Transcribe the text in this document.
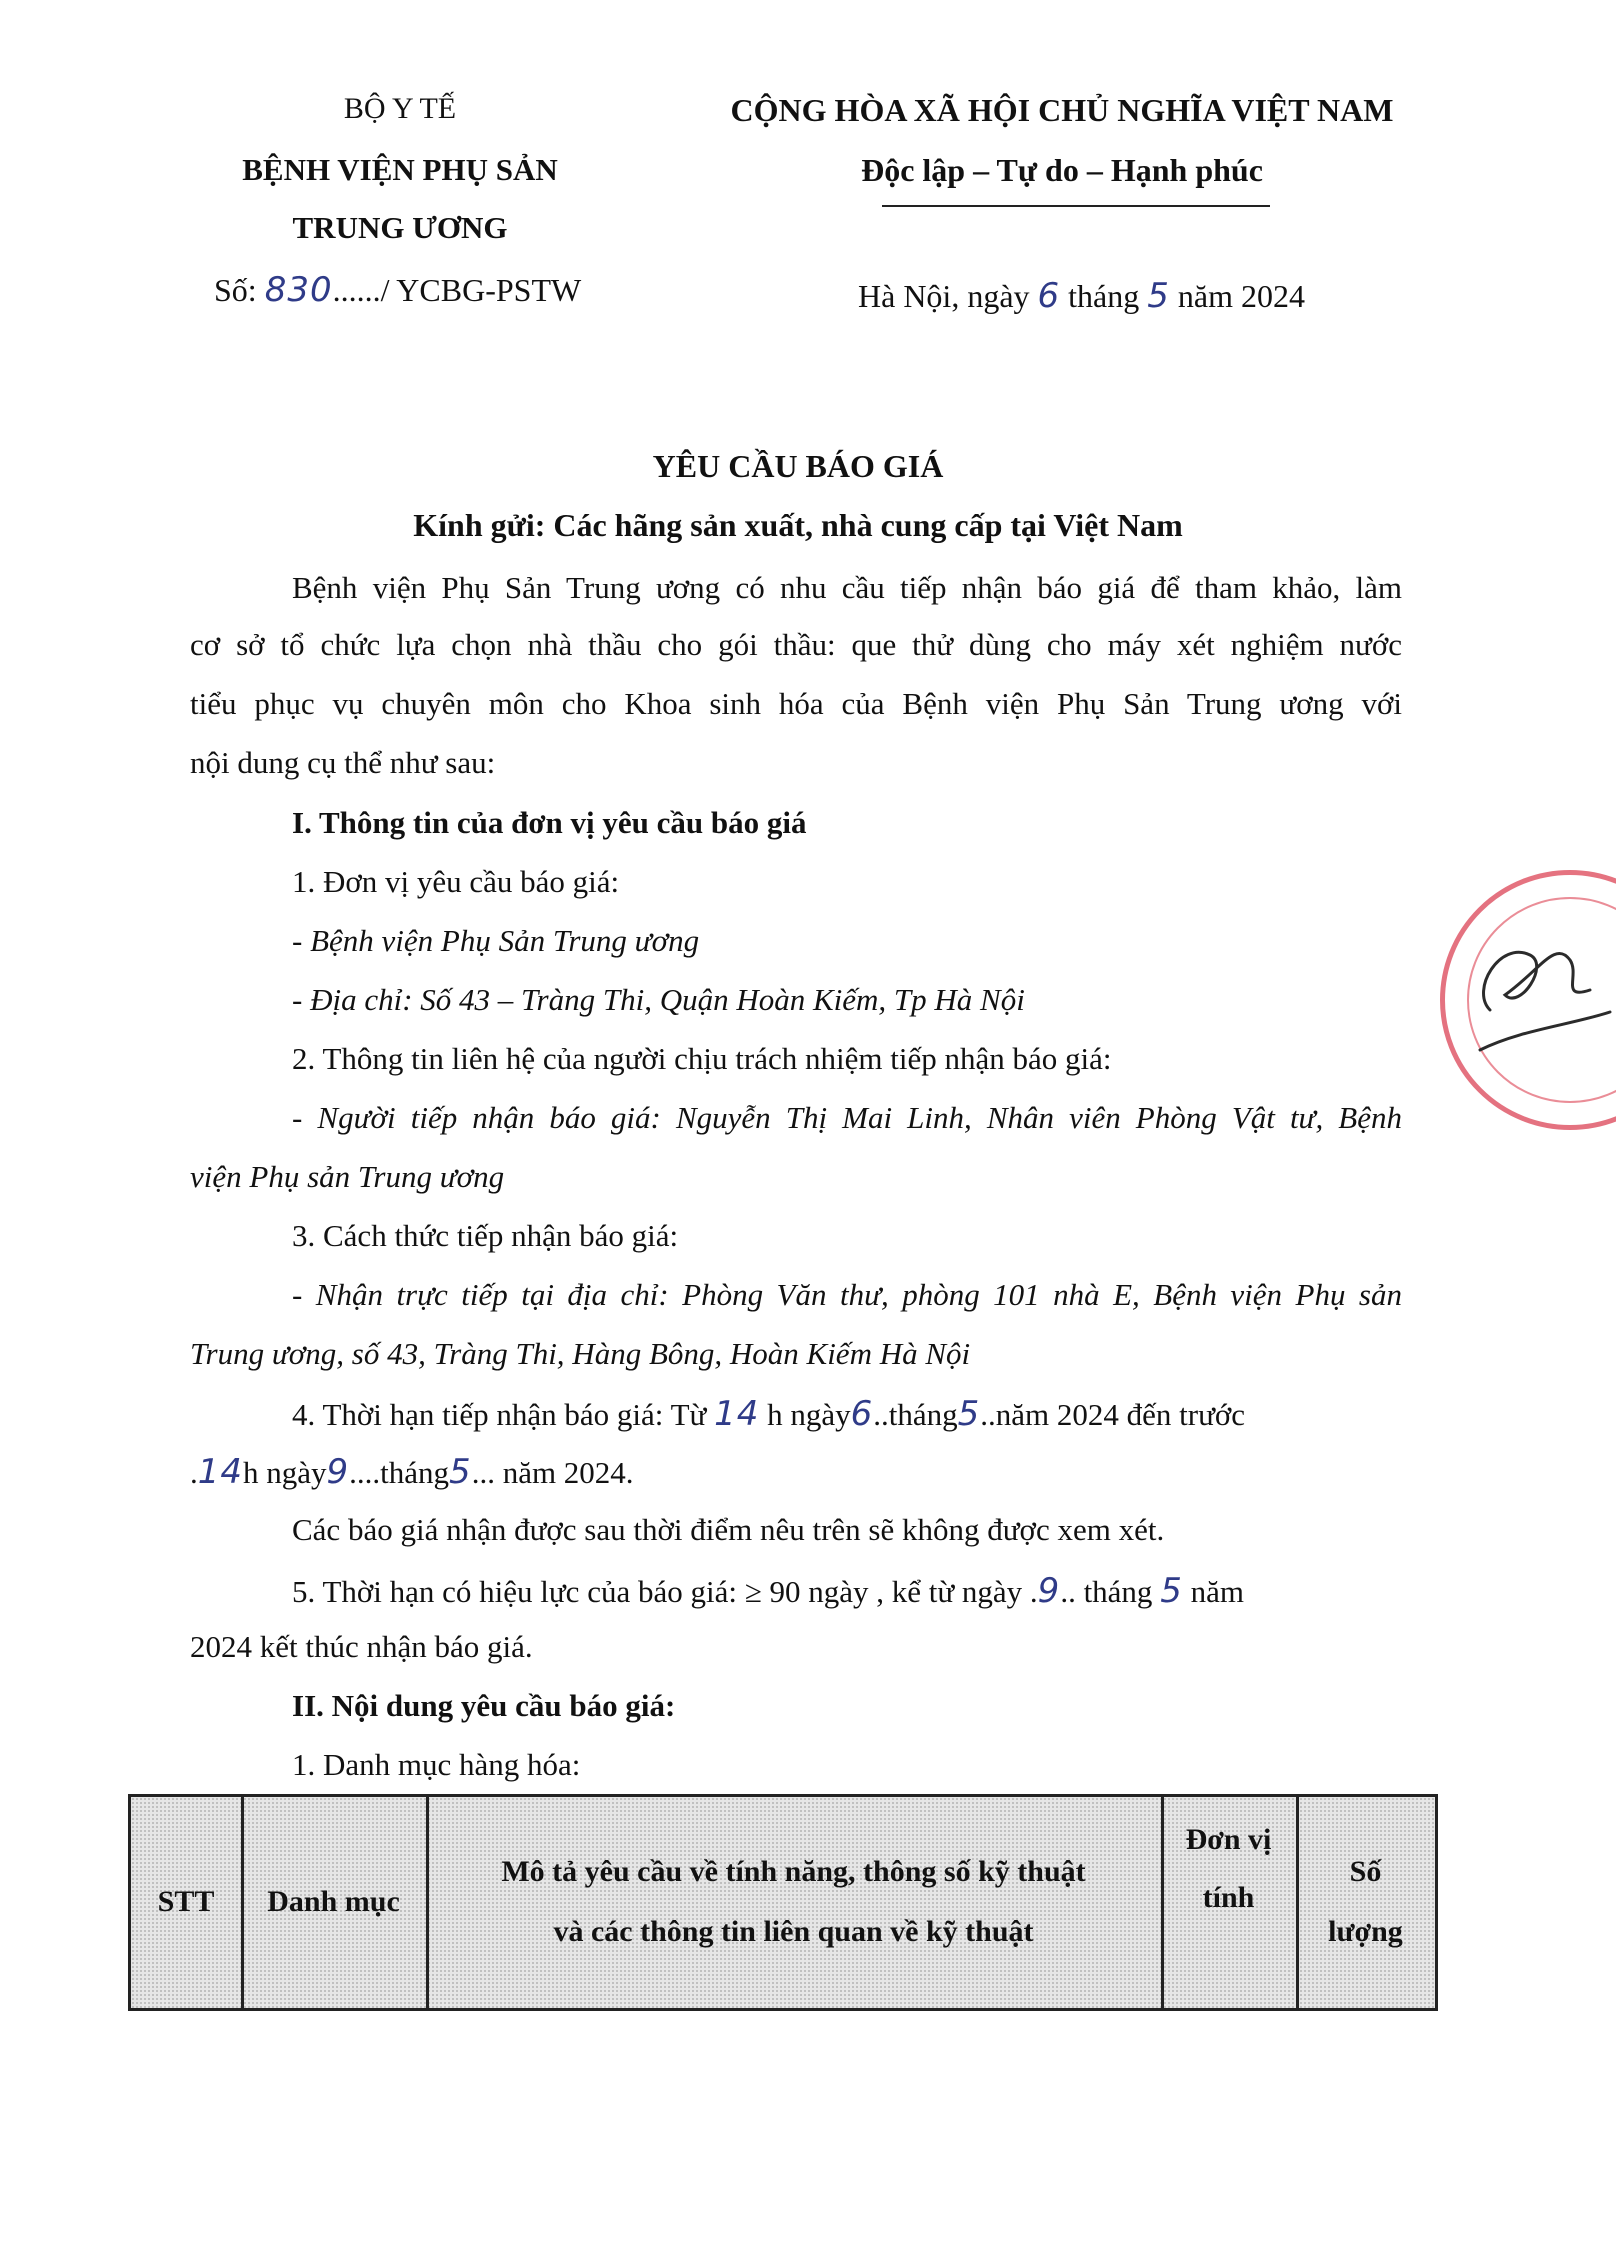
BỘ Y TẾ
BỆNH VIỆN PHỤ SẢN
TRUNG ƯƠNG
Số: 830....../ YCBG-PSTW
CỘNG HÒA XÃ HỘI CHỦ NGHĨA VIỆT NAM
Độc lập – Tự do – Hạnh phúc
Hà Nội, ngày 6 tháng 5 năm 2024
YÊU CẦU BÁO GIÁ
Kính gửi: Các hãng sản xuất, nhà cung cấp tại Việt Nam
Bệnh viện Phụ Sản Trung ương có nhu cầu tiếp nhận báo giá để tham khảo, làm
cơ sở tổ chức lựa chọn nhà thầu cho gói thầu: que thử dùng cho máy xét nghiệm nước
tiểu phục vụ chuyên môn cho Khoa sinh hóa của Bệnh viện Phụ Sản Trung ương với
nội dung cụ thể như sau:
I. Thông tin của đơn vị yêu cầu báo giá
1. Đơn vị yêu cầu báo giá:
- Bệnh viện Phụ Sản Trung ương
- Địa chỉ: Số 43 – Tràng Thi, Quận Hoàn Kiếm, Tp Hà Nội
2. Thông tin liên hệ của người chịu trách nhiệm tiếp nhận báo giá:
- Người tiếp nhận báo giá: Nguyễn Thị Mai Linh, Nhân viên Phòng Vật tư, Bệnh
viện Phụ sản Trung ương
3. Cách thức tiếp nhận báo giá:
- Nhận trực tiếp tại địa chỉ: Phòng Văn thư, phòng 101 nhà E, Bệnh viện Phụ sản
Trung ương, số 43, Tràng Thi, Hàng Bông, Hoàn Kiếm Hà Nội
4. Thời hạn tiếp nhận báo giá: Từ 14 h ngày6..tháng5..năm 2024 đến trước
.14h ngày9....tháng5... năm 2024.
Các báo giá nhận được sau thời điểm nêu trên sẽ không được xem xét.
5. Thời hạn có hiệu lực của báo giá: ≥ 90 ngày , kể từ ngày .9.. tháng 5 năm
2024 kết thúc nhận báo giá.
II. Nội dung yêu cầu báo giá:
1. Danh mục hàng hóa:
STT	Danh mục
Mô tả yêu cầu về tính năng, thông số kỹ thuật
và các thông tin liên quan về kỹ thuật
Đơn vị
tính
Số
lượng
